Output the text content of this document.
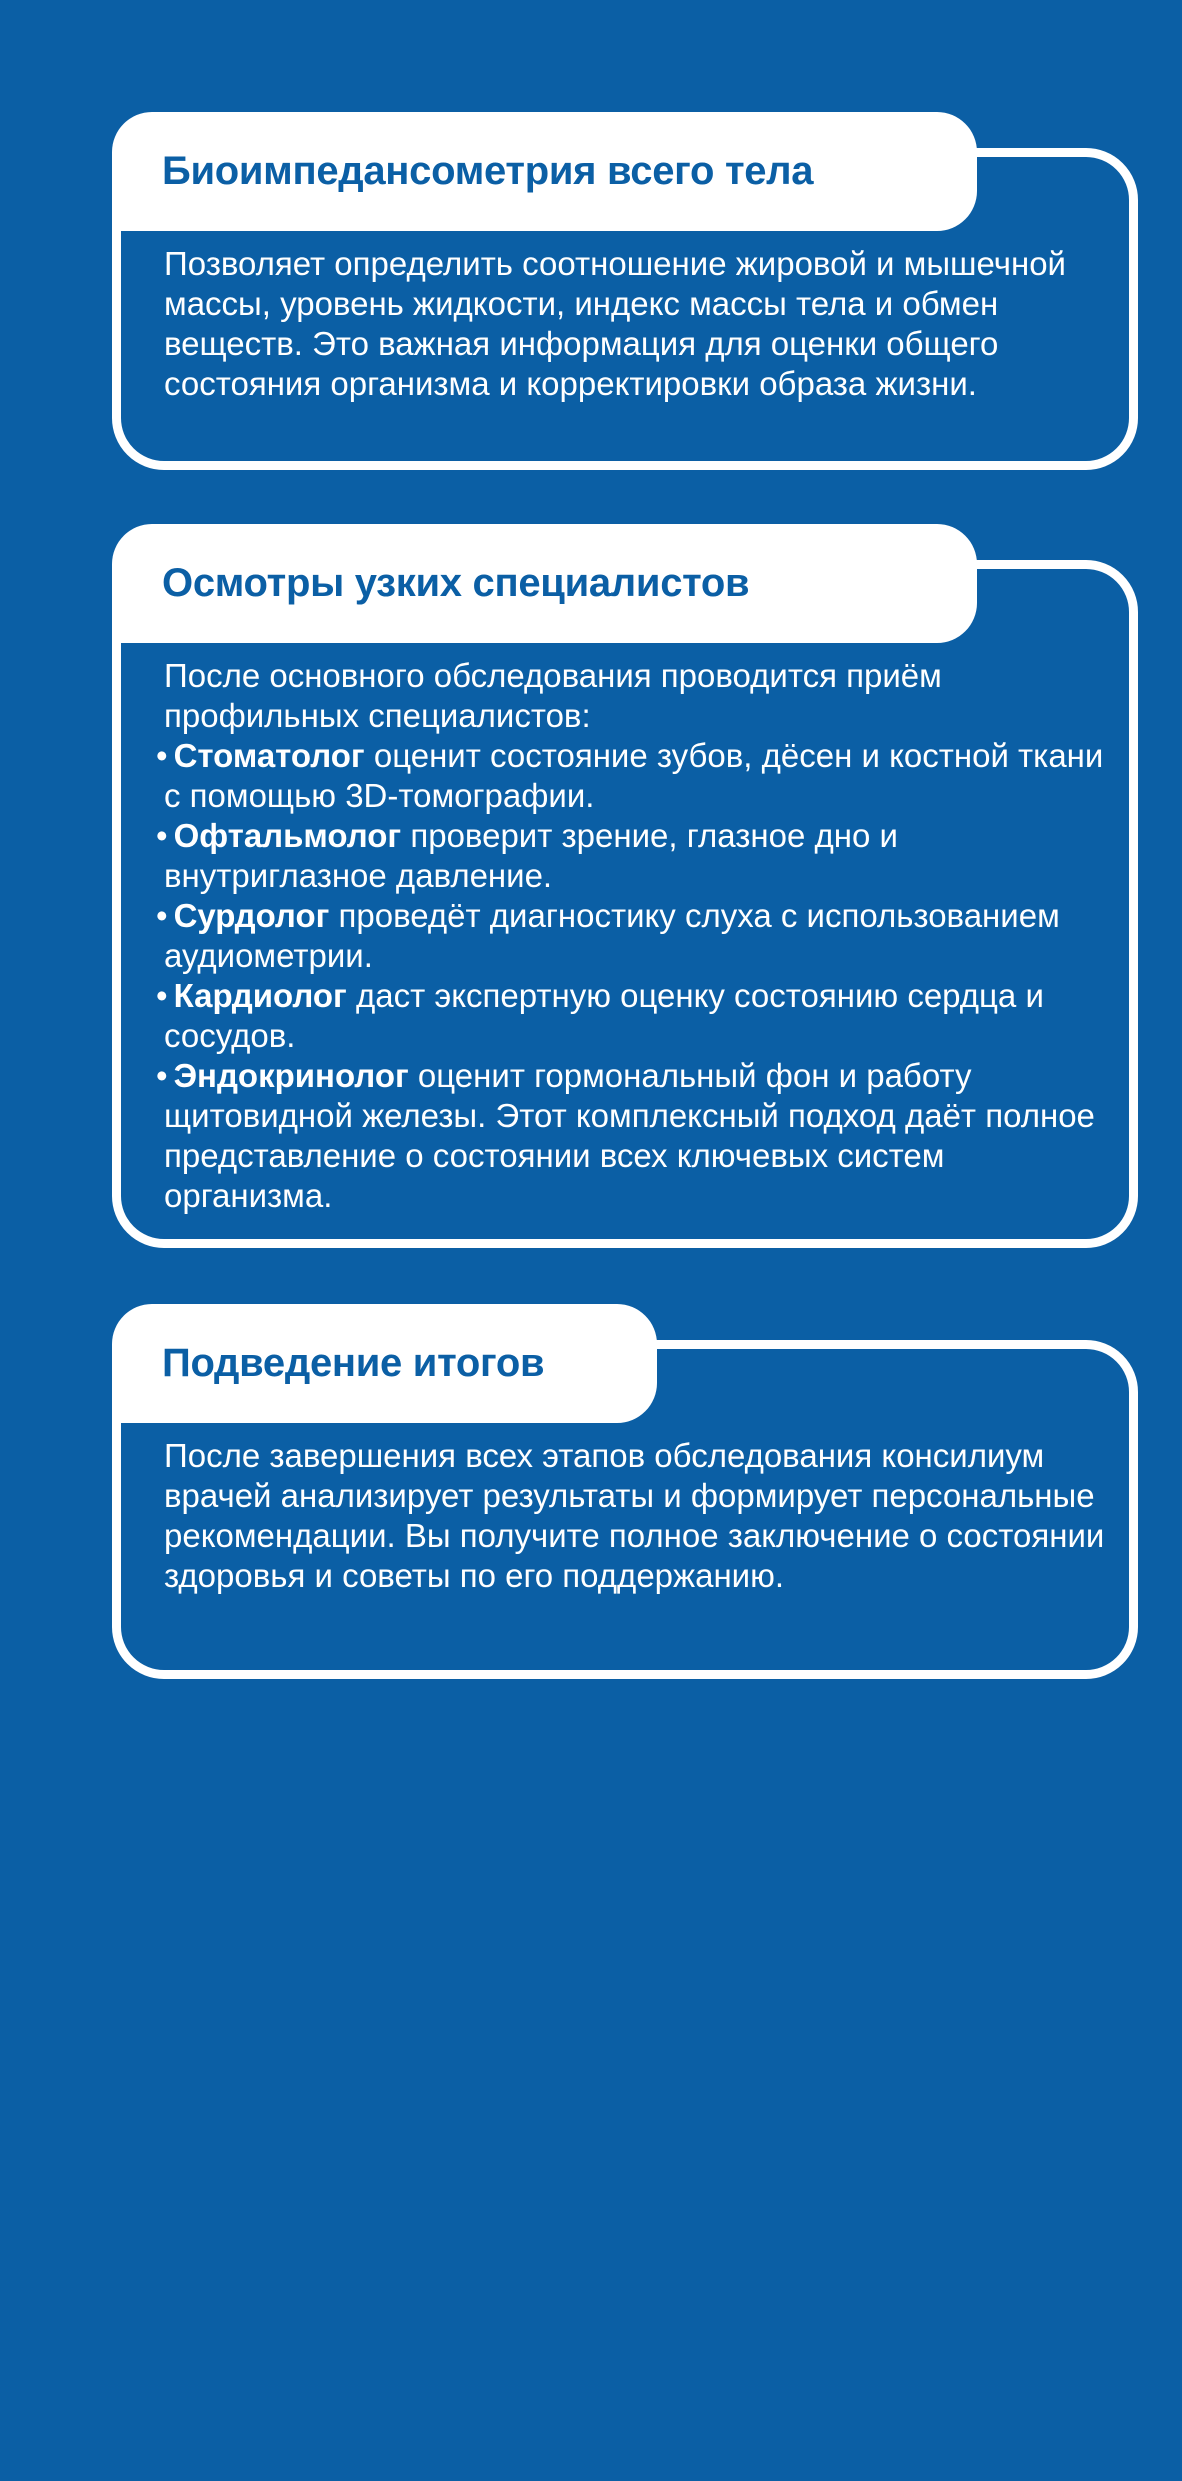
Биоимпедансометрия всего тела

Позволяет определить соотношение жировой и мышечной массы, уровень жидкости, индекс массы тела и обмен веществ. Это важная информация для оценки общего состояния организма и корректировки образа жизни.

Осмотры узких специалистов

После основного обследования проводится приём профильных специалистов:

• Стоматолог оценит состояние зубов, дёсен и костной ткани с помощью 3D-томографии.

• Офтальмолог проверит зрение, глазное дно и внутриглазное давление.

• Сурдолог проведёт диагностику слуха с использованием аудиометрии.

• Кардиолог даст экспертную оценку состоянию сердца и сосудов.

• Эндокринолог оценит гормональный фон и работу щитовидной железы. Этот комплексный подход даёт полное представление о состоянии всех ключевых систем организма.

Подведение итогов

После завершения всех этапов обследования консилиум врачей анализирует результаты и формирует персональные рекомендации. Вы получите полное заключение о состоянии здоровья и советы по его поддержанию.
